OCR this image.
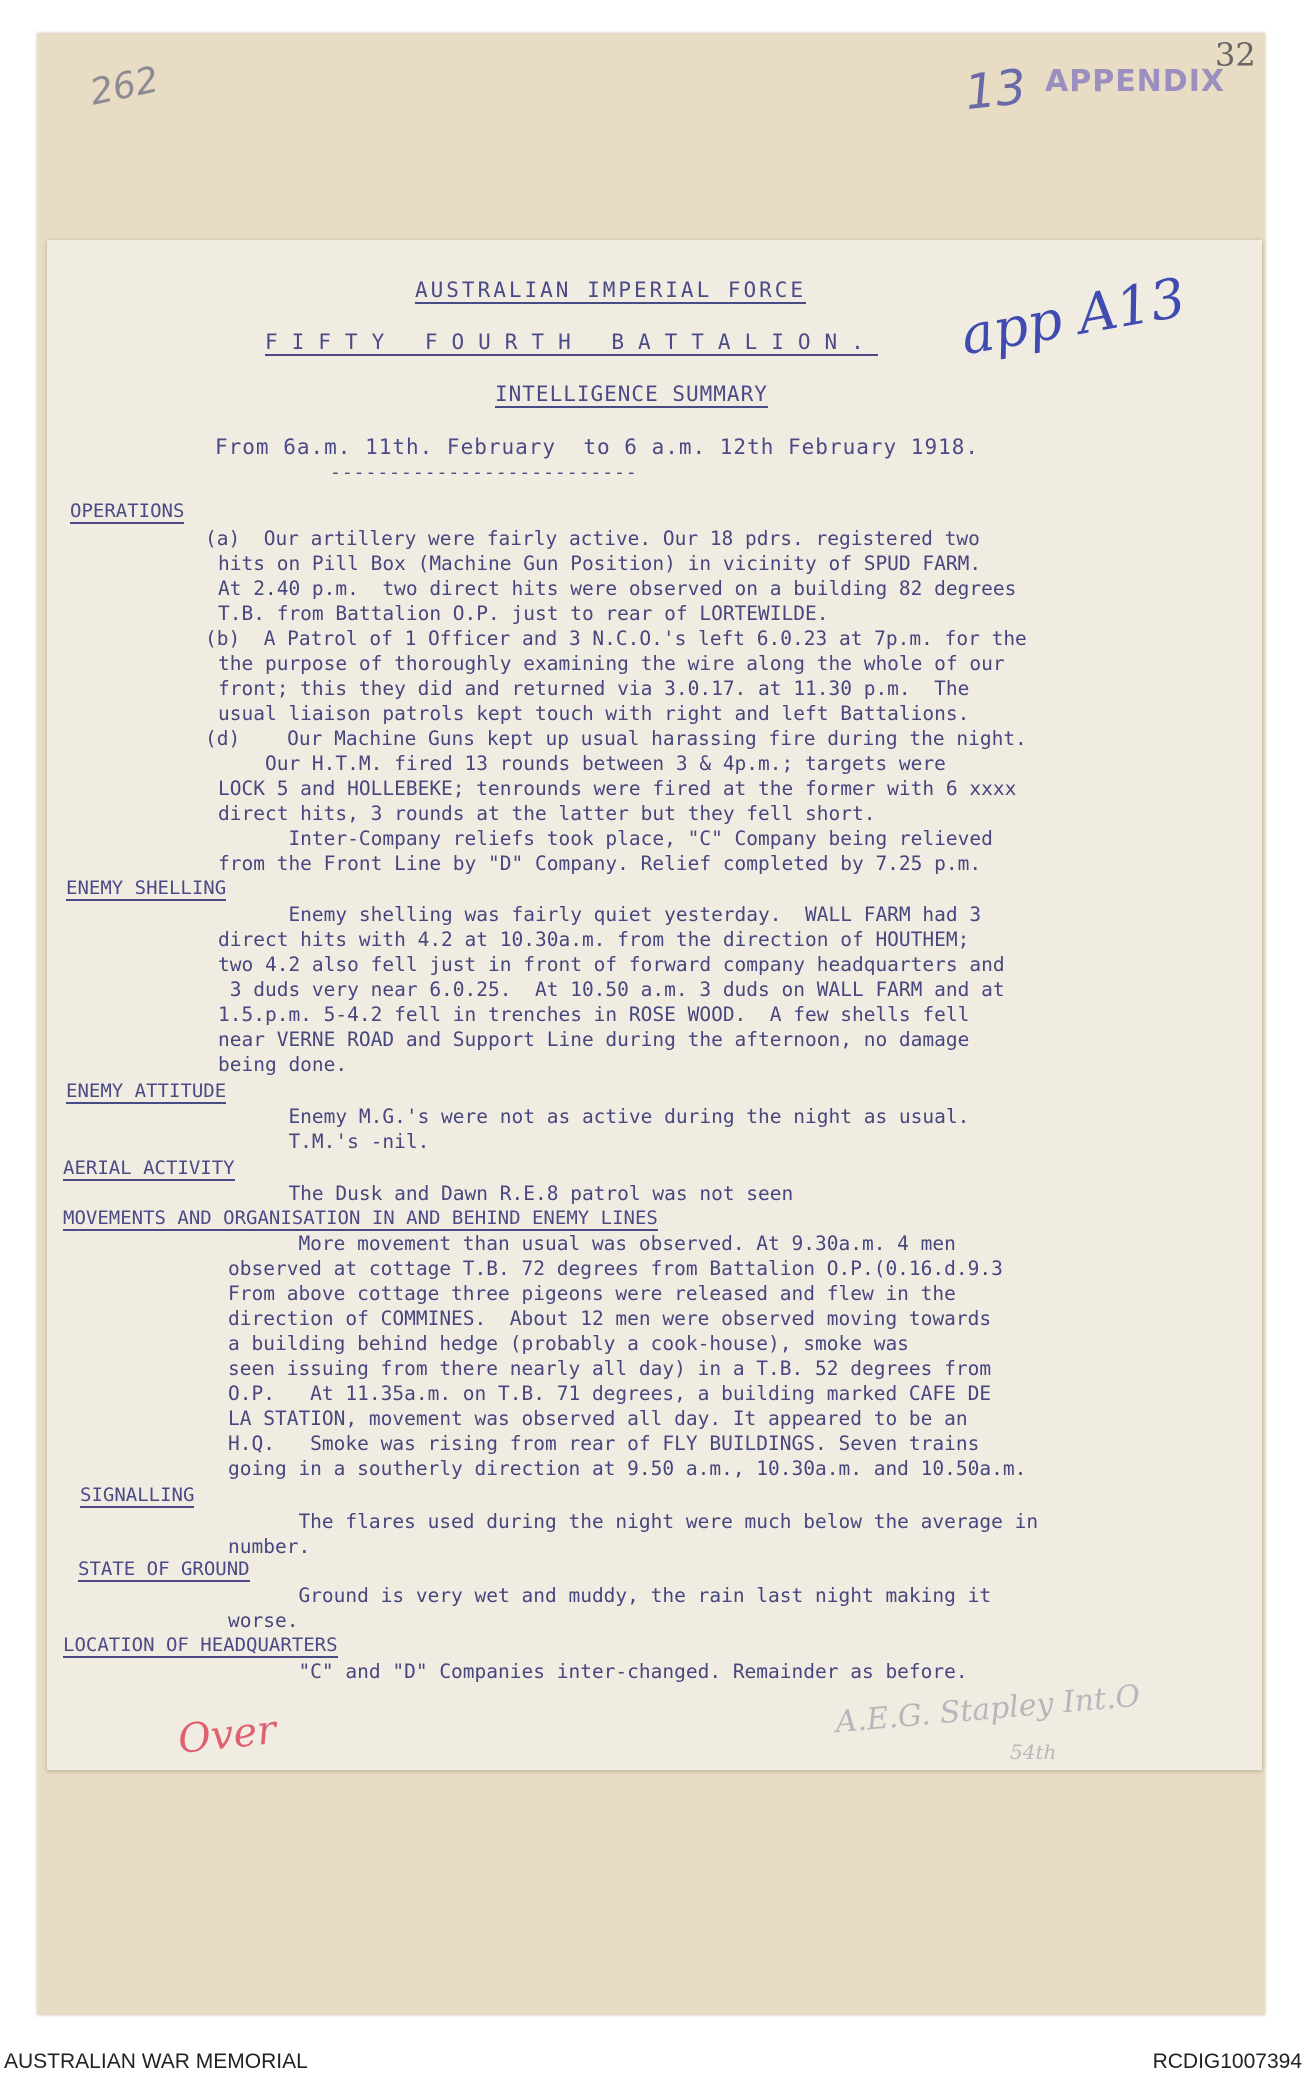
262	13 APPENDIX
32
AUSTRALIAN IMPERIAL FORCE
FIFTY FOURTH BATTALION.
INTELLIGENCE SUMMARY
From 6a.m. 11th. February  to 6 a.m. 12th February 1918.
--------------------------
app A13
OPERATIONS
(a)  Our artillery were fairly active. Our 18 pdrs. registered two
hits on Pill Box (Machine Gun Position) in vicinity of SPUD FARM.
At 2.40 p.m.  two direct hits were observed on a building 82 degrees
T.B. from Battalion O.P. just to rear of LORTEWILDE.
(b)  A Patrol of 1 Officer and 3 N.C.O.'s left 6.0.23 at 7p.m. for the
the purpose of thoroughly examining the wire along the whole of our
front; this they did and returned via 3.0.17. at 11.30 p.m.  The
usual liaison patrols kept touch with right and left Battalions.
(d)    Our Machine Guns kept up usual harassing fire during the night.
Our H.T.M. fired 13 rounds between 3 & 4p.m.; targets were
LOCK 5 and HOLLEBEKE; tenrounds were fired at the former with 6 xxxx
direct hits, 3 rounds at the latter but they fell short.
Inter-Company reliefs took place, "C" Company being relieved
from the Front Line by "D" Company. Relief completed by 7.25 p.m.
ENEMY SHELLING
Enemy shelling was fairly quiet yesterday.  WALL FARM had 3
direct hits with 4.2 at 10.30a.m. from the direction of HOUTHEM;
two 4.2 also fell just in front of forward company headquarters and
3 duds very near 6.0.25.  At 10.50 a.m. 3 duds on WALL FARM and at
1.5.p.m. 5-4.2 fell in trenches in ROSE WOOD.  A few shells fell
near VERNE ROAD and Support Line during the afternoon, no damage
being done.
ENEMY ATTITUDE
Enemy M.G.'s were not as active during the night as usual.
T.M.'s -nil.
AERIAL ACTIVITY
The Dusk and Dawn R.E.8 patrol was not seen
MOVEMENTS AND ORGANISATION IN AND BEHIND ENEMY LINES
More movement than usual was observed. At 9.30a.m. 4 men
observed at cottage T.B. 72 degrees from Battalion O.P.(0.16.d.9.3
From above cottage three pigeons were released and flew in the
direction of COMMINES.  About 12 men were observed moving towards
a building behind hedge (probably a cook-house), smoke was
seen issuing from there nearly all day) in a T.B. 52 degrees from
O.P.   At 11.35a.m. on T.B. 71 degrees, a building marked CAFE DE
LA STATION, movement was observed all day. It appeared to be an
H.Q.   Smoke was rising from rear of FLY BUILDINGS. Seven trains
going in a southerly direction at 9.50 a.m., 10.30a.m. and 10.50a.m.
SIGNALLING
The flares used during the night were much below the average in
number.
STATE OF GROUND
Ground is very wet and muddy, the rain last night making it
worse.
LOCATION OF HEADQUARTERS
"C" and "D" Companies inter-changed. Remainder as before.
Over	A.E.G. Stapley Int.O
54th
AUSTRALIAN WAR MEMORIAL	RCDIG1007394
